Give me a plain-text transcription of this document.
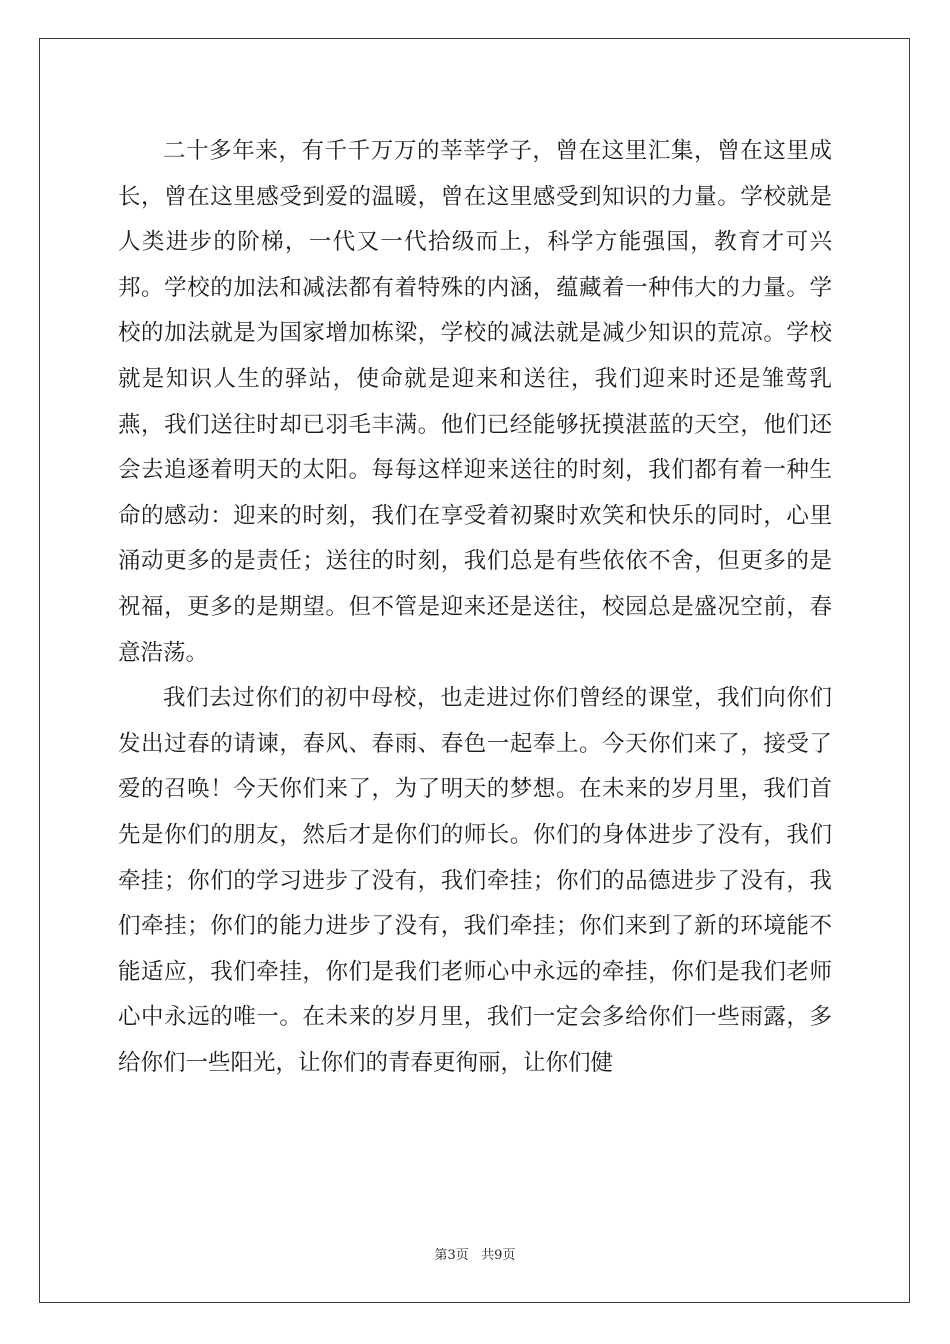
二十多年来，有千千万万的莘莘学子，曾在这里汇集，曾在这里成长，曾在这里感受到爱的温暖，曾在这里感受到知识的力量。学校就是人类进步的阶梯，一代又一代拾级而上，科学方能强国，教育才可兴邦。学校的加法和减法都有着特殊的内涵，蕴藏着一种伟大的力量。学校的加法就是为国家增加栋梁，学校的减法就是减少知识的荒凉。学校就是知识人生的驿站，使命就是迎来和送往，我们迎来时还是雏莺乳燕，我们送往时却已羽毛丰满。他们已经能够抚摸湛蓝的天空，他们还会去追逐着明天的太阳。每每这样迎来送往的时刻，我们都有着一种生命的感动：迎来的时刻，我们在享受着初聚时欢笑和快乐的同时，心里涌动更多的是责任；送往的时刻，我们总是有些依依不舍，但更多的是祝福，更多的是期望。但不管是迎来还是送往，校园总是盛况空前，春意浩荡。

我们去过你们的初中母校，也走进过你们曾经的课堂，我们向你们发出过春的请谏，春风、春雨、春色一起奉上。今天你们来了，接受了爱的召唤！今天你们来了，为了明天的梦想。在未来的岁月里，我们首先是你们的朋友，然后才是你们的师长。你们的身体进步了没有，我们牵挂；你们的学习进步了没有，我们牵挂；你们的品德进步了没有，我们牵挂；你们的能力进步了没有，我们牵挂；你们来到了新的环境能不能适应，我们牵挂，你们是我们老师心中永远的牵挂，你们是我们老师心中永远的唯一。在未来的岁月里，我们一定会多给你们一些雨露，多给你们一些阳光，让你们的青春更徇丽，让你们健

第3页   共9页
